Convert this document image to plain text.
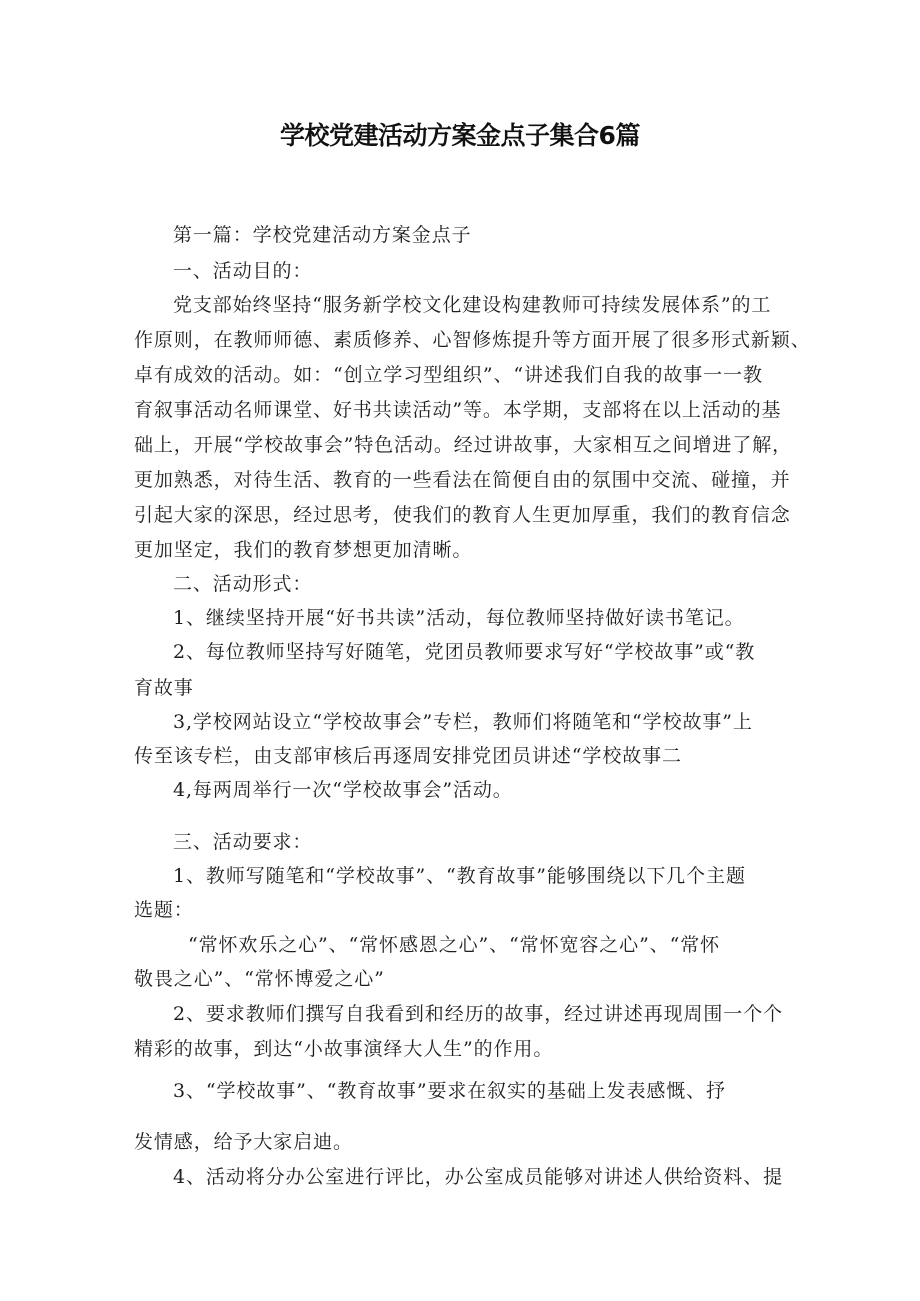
学校党建活动方案金点子集合6篇
第一篇：学校党建活动方案金点子
一、活动目的：
党支部始终坚持“服务新学校文化建设构建教师可持续发展体系”的工
作原则，在教师师德、素质修养、心智修炼提升等方面开展了很多形式新颖、
卓有成效的活动。如：“创立学习型组织”、“讲述我们自我的故事一一教
育叙事活动名师课堂、好书共读活动”等。本学期，支部将在以上活动的基
础上，开展“学校故事会”特色活动。经过讲故事，大家相互之间增进了解，
更加熟悉，对待生活、教育的一些看法在简便自由的氛围中交流、碰撞，并
引起大家的深思，经过思考，使我们的教育人生更加厚重，我们的教育信念
更加坚定，我们的教育梦想更加清晰。
二、活动形式：
1、继续坚持开展“好书共读”活动，每位教师坚持做好读书笔记。
2、每位教师坚持写好随笔，党团员教师要求写好“学校故事”或“教
育故事
3,学校网站设立“学校故事会”专栏，教师们将随笔和“学校故事”上
传至该专栏，由支部审核后再逐周安排党团员讲述“学校故事二
4,每两周举行一次“学校故事会”活动。
三、活动要求：
1、教师写随笔和“学校故事”、“教育故事”能够围绕以下几个主题
选题：
“常怀欢乐之心”、“常怀感恩之心”、“常怀宽容之心”、“常怀
敬畏之心”、“常怀博爱之心”
2、要求教师们撰写自我看到和经历的故事，经过讲述再现周围一个个
精彩的故事，到达“小故事演绎大人生”的作用。
3、“学校故事”、“教育故事”要求在叙实的基础上发表感慨、抒
发情感，给予大家启迪。
4、活动将分办公室进行评比，办公室成员能够对讲述人供给资料、提
